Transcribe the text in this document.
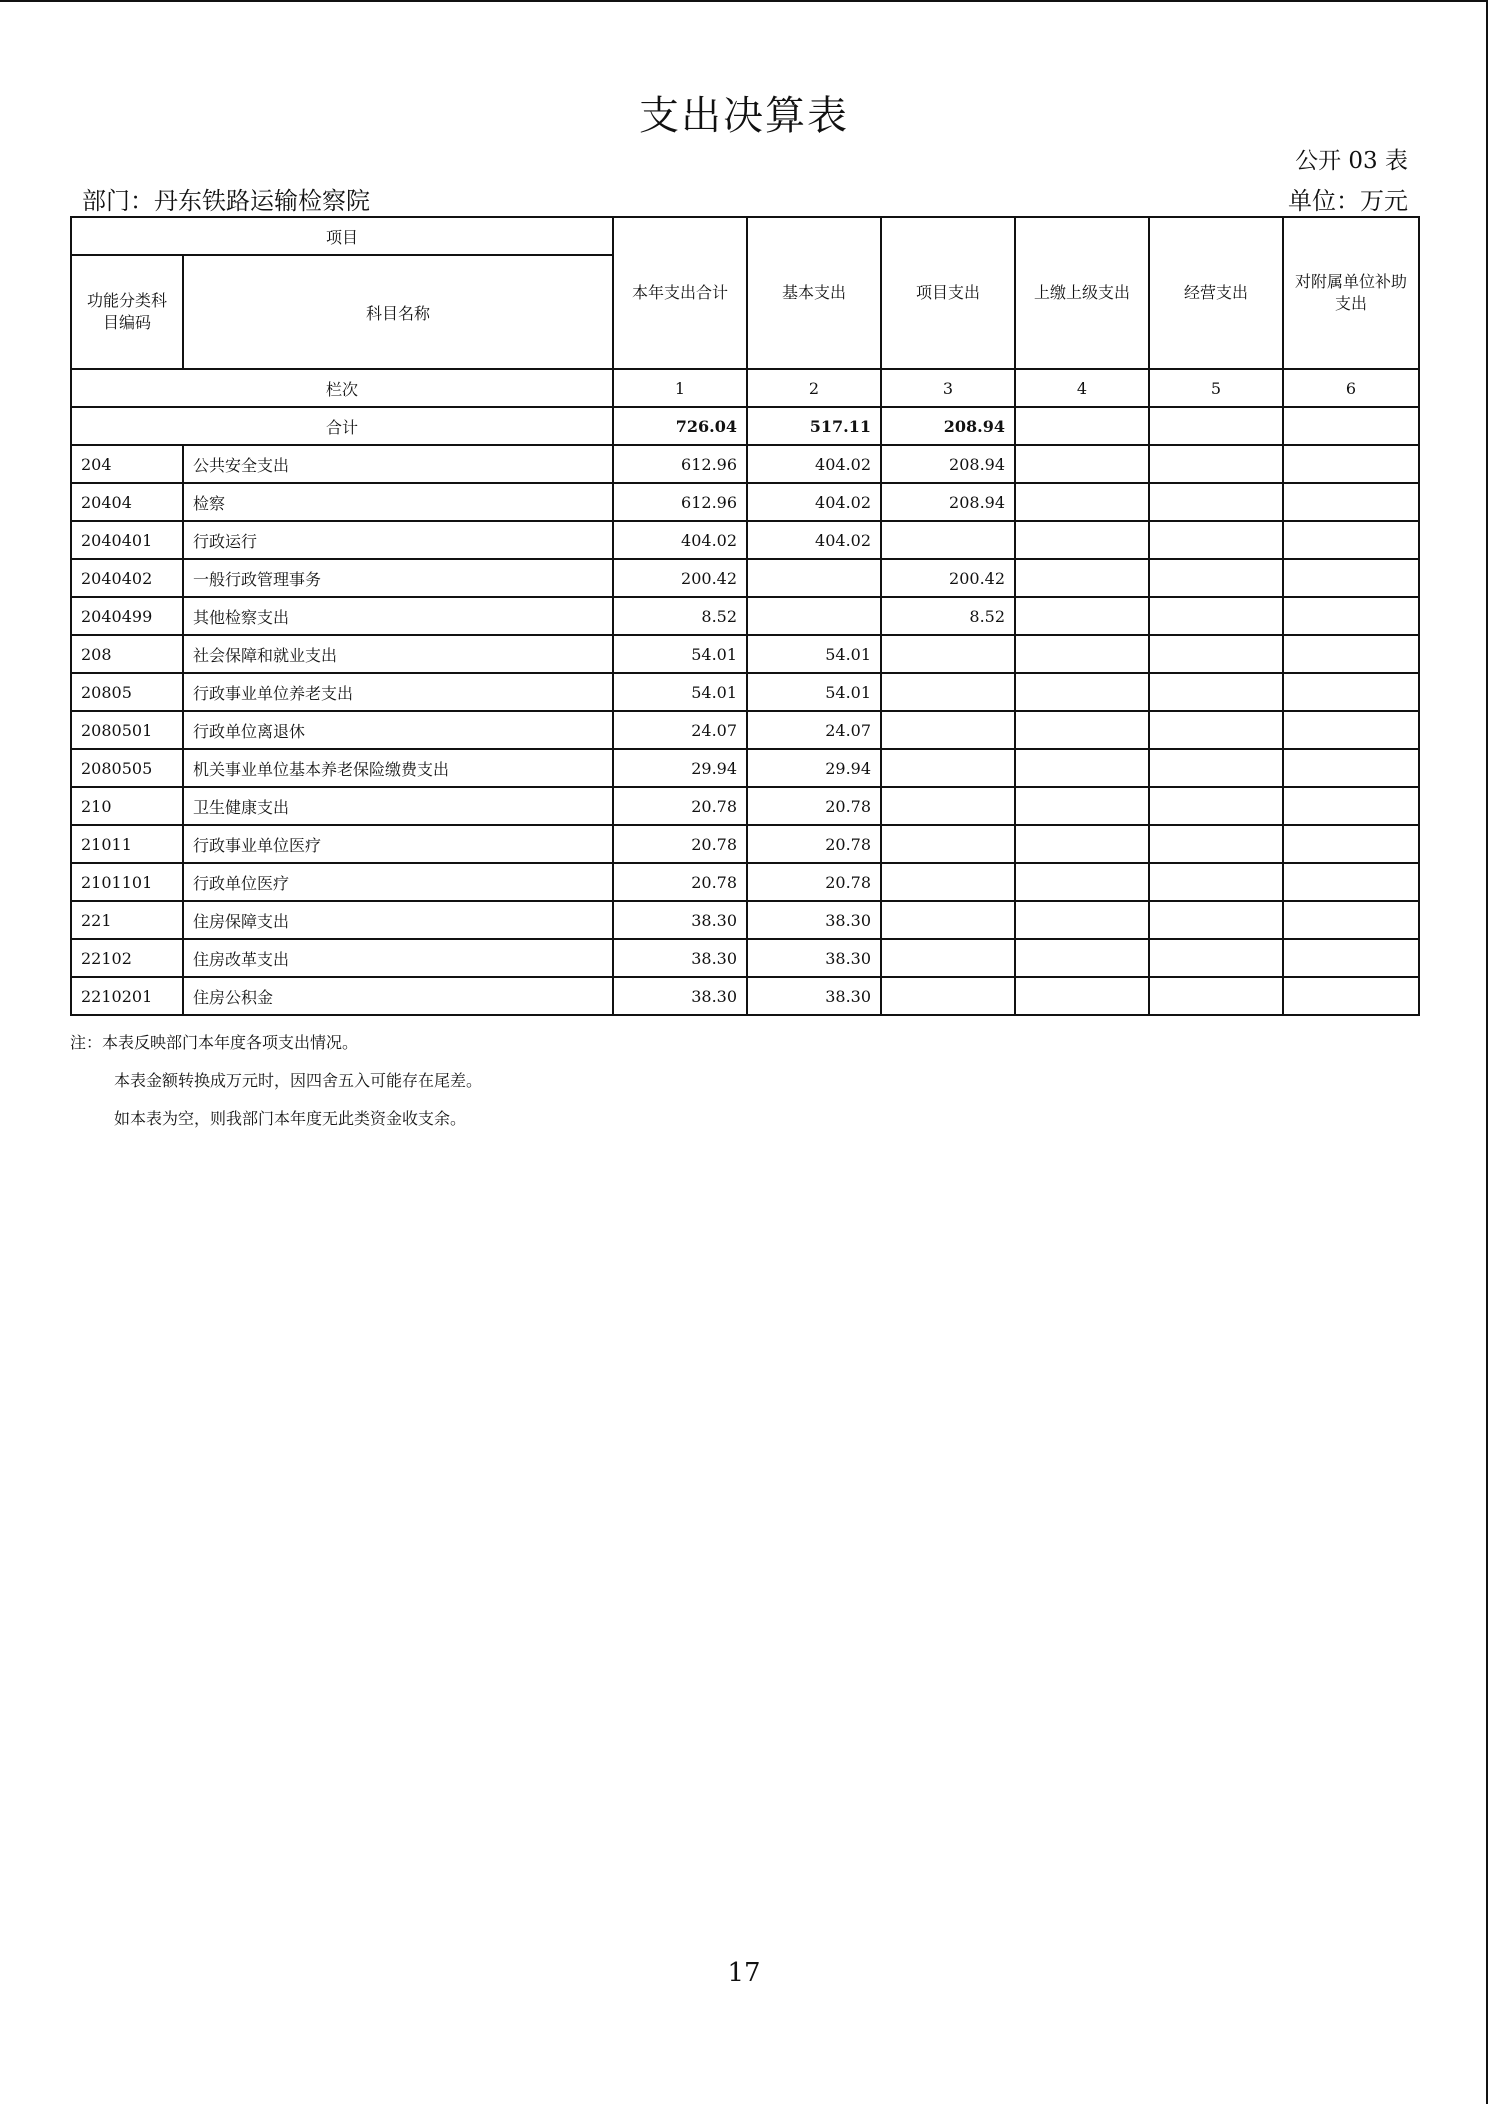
支出决算表
公开 03 表
部门：丹东铁路运输检察院	单位：万元
项目		本年支出合计	基本支出	项目支出	上缴上级支出	经营支出	对附属单位补助支出
功能分类科目编码	科目名称						
栏次		1	2	3	4	5	6
合计		726.04	517.11	208.94			
204	公共安全支出	612.96	404.02	208.94			
20404	检察	612.96	404.02	208.94			
2040401	行政运行	404.02	404.02				
2040402	一般行政管理事务	200.42		200.42			
2040499	其他检察支出	8.52		8.52			
208	社会保障和就业支出	54.01	54.01				
20805	行政事业单位养老支出	54.01	54.01				
2080501	行政单位离退休	24.07	24.07				
2080505	机关事业单位基本养老保险缴费支出	29.94	29.94				
210	卫生健康支出	20.78	20.78				
21011	行政事业单位医疗	20.78	20.78				
2101101	行政单位医疗	20.78	20.78				
221	住房保障支出	38.30	38.30				
22102	住房改革支出	38.30	38.30				
2210201	住房公积金	38.30	38.30				
注：本表反映部门本年度各项支出情况。
本表金额转换成万元时，因四舍五入可能存在尾差。
如本表为空，则我部门本年度无此类资金收支余。
17
